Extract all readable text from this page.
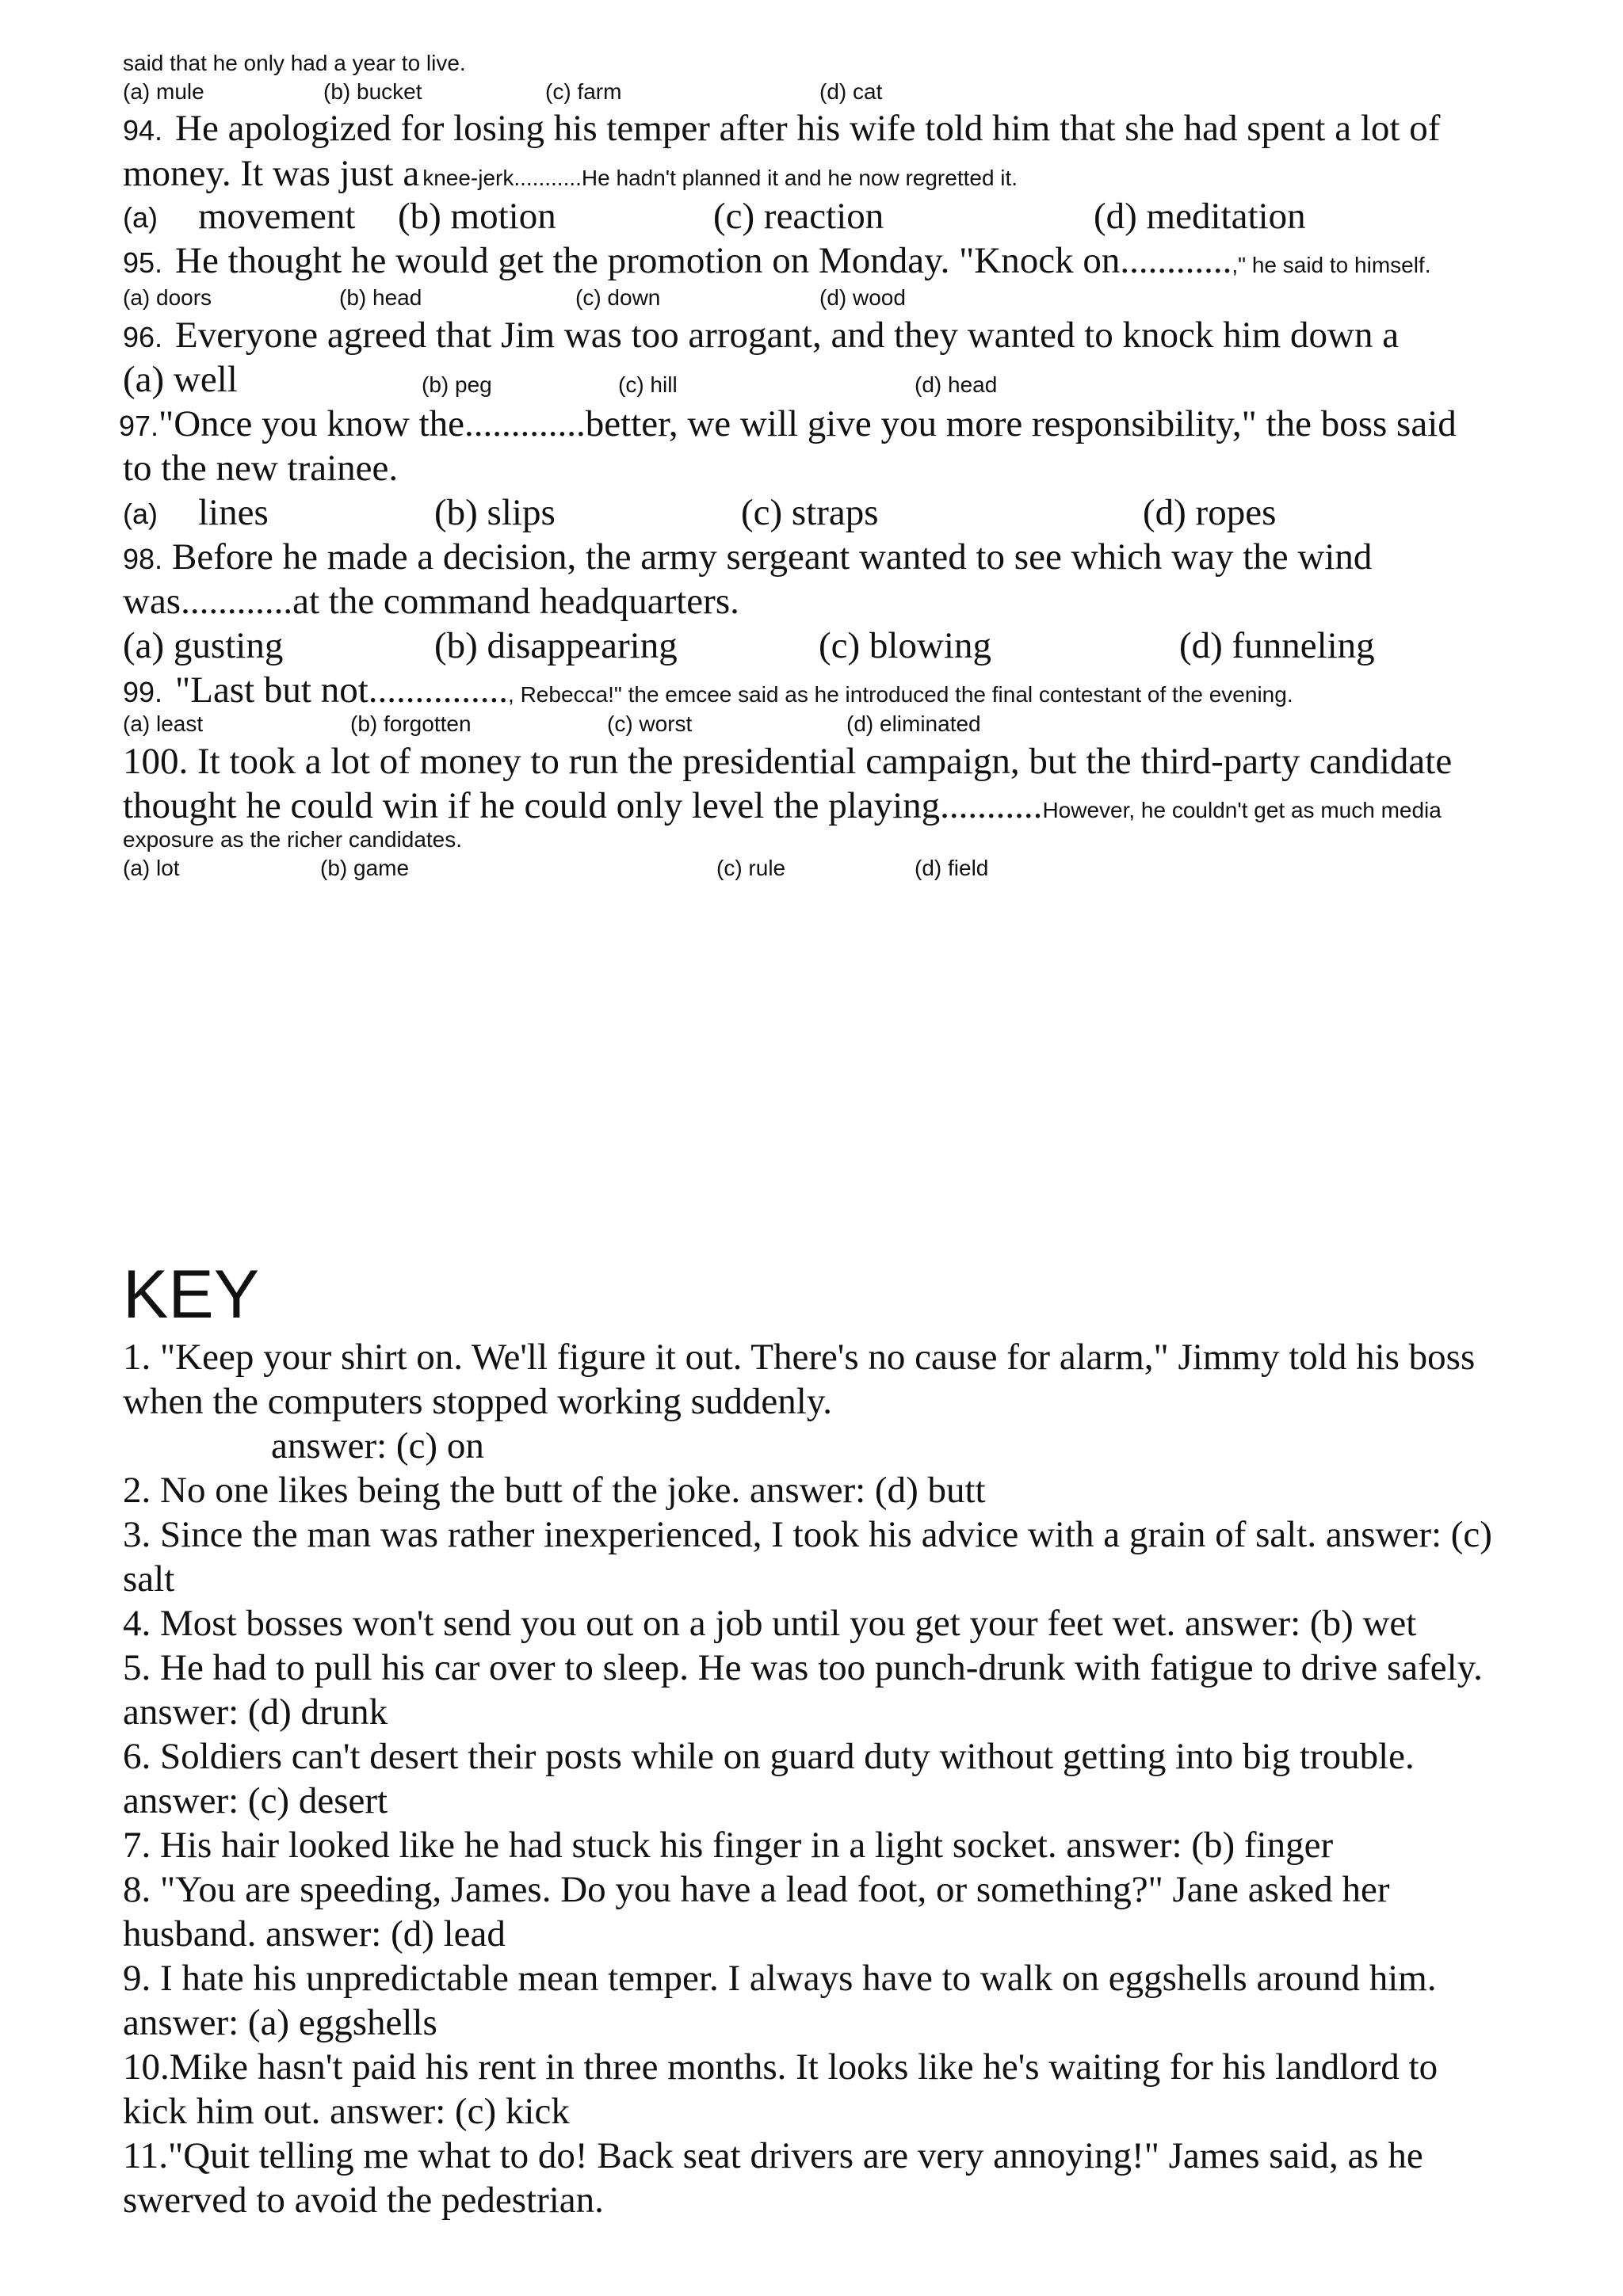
said that he only had a year to live.
(a) mule	(b) bucket	(c) farm	(d) cat
94. He apologized for losing his temper after his wife told him that she had spent a lot of
money. It was just a knee-jerk...........He hadn't planned it and he now regretted it.
(a) movement (b) motion	(c) reaction	(d) meditation
95. He thought he would get the promotion on Monday. "Knock on............," he said to himself.
(a) doors	(b) head	(c) down	(d) wood
96. Everyone agreed that Jim was too arrogant, and they wanted to knock him down a
(a) well	(b) peg	(c) hill	(d) head
97."Once you know the.............better, we will give you more responsibility," the boss said
to the new trainee.
(a) lines	(b) slips	(c) straps	(d) ropes
98. Before he made a decision, the army sergeant wanted to see which way the wind
was............at the command headquarters.
(a) gusting	(b) disappearing	(c) blowing	(d) funneling
99. "Last but not..............., Rebecca!" the emcee said as he introduced the final contestant of the evening.
(a) least	(b) forgotten	(c) worst	(d) eliminated
100. It took a lot of money to run the presidential campaign, but the third-party candidate
thought he could win if he could only level the playing...........However, he couldn't get as much media
exposure as the richer candidates.
(a) lot	(b) game	(c) rule	(d) field
KEY
1. "Keep your shirt on. We'll figure it out. There's no cause for alarm," Jimmy told his boss
when the computers stopped working suddenly.
answer: (c) on
2. No one likes being the butt of the joke. answer: (d) butt
3. Since the man was rather inexperienced, I took his advice with a grain of salt. answer: (c)
salt
4. Most bosses won't send you out on a job until you get your feet wet. answer: (b) wet
5. He had to pull his car over to sleep. He was too punch-drunk with fatigue to drive safely.
answer: (d) drunk
6. Soldiers can't desert their posts while on guard duty without getting into big trouble.
answer: (c) desert
7. His hair looked like he had stuck his finger in a light socket. answer: (b) finger
8. "You are speeding, James. Do you have a lead foot, or something?" Jane asked her
husband. answer: (d) lead
9. I hate his unpredictable mean temper. I always have to walk on eggshells around him.
answer: (a) eggshells
10.Mike hasn't paid his rent in three months. It looks like he's waiting for his landlord to
kick him out. answer: (c) kick
11."Quit telling me what to do! Back seat drivers are very annoying!" James said, as he
swerved to avoid the pedestrian.
